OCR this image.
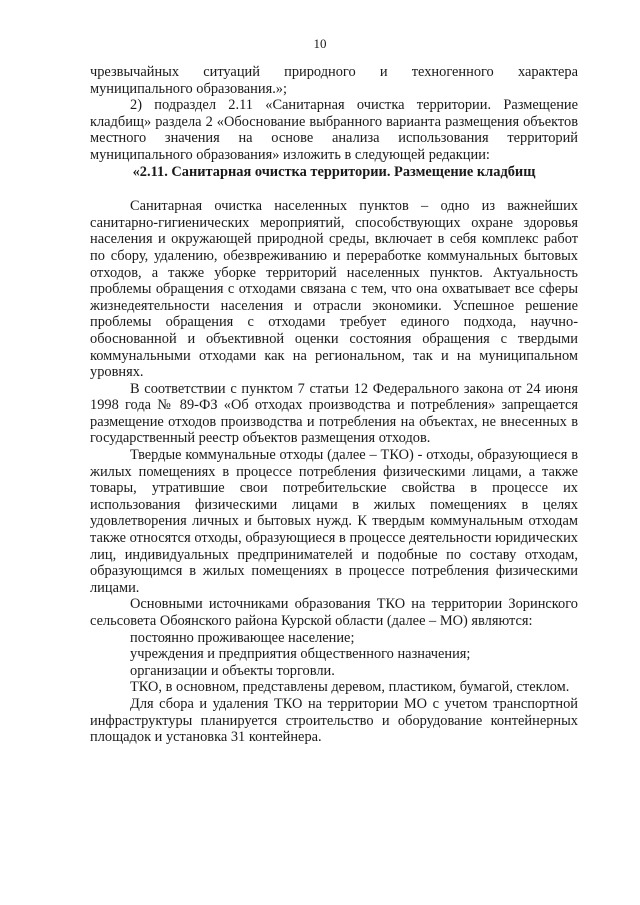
10

чрезвычайных ситуаций природного и техногенного характера муниципального образования.»;

2) подраздел 2.11 «Санитарная очистка территории. Размещение кладбищ» раздела 2 «Обоснование выбранного варианта размещения объектов местного значения на основе анализа использования территорий муниципального образования» изложить в следующей редакции:

«2.11. Санитарная очистка территории. Размещение кладбищ

Санитарная очистка населенных пунктов – одно из важнейших санитарно-гигиенических мероприятий, способствующих охране здоровья населения и окружающей природной среды, включает в себя комплекс работ по сбору, удалению, обезвреживанию и переработке коммунальных бытовых отходов, а также уборке территорий населенных пунктов. Актуальность проблемы обращения с отходами связана с тем, что она охватывает все сферы жизнедеятельности населения и отрасли экономики. Успешное решение проблемы обращения с отходами требует единого подхода, научно-обоснованной и объективной оценки состояния обращения с твердыми коммунальными отходами как на региональном, так и на муниципальном уровнях.

В соответствии с пунктом 7 статьи 12 Федерального закона от 24 июня 1998 года № 89-ФЗ «Об отходах производства и потребления» запрещается размещение отходов производства и потребления на объектах, не внесенных в государственный реестр объектов размещения отходов.

Твердые коммунальные отходы (далее – ТКО) - отходы, образующиеся в жилых помещениях в процессе потребления физическими лицами, а также товары, утратившие свои потребительские свойства в процессе их использования физическими лицами в жилых помещениях в целях удовлетворения личных и бытовых нужд. К твердым коммунальным отходам также относятся отходы, образующиеся в процессе деятельности юридических лиц, индивидуальных предпринимателей и подобные по составу отходам, образующимся в жилых помещениях в процессе потребления физическими лицами.

Основными источниками образования ТКО на территории Зоринского сельсовета Обоянского района Курской области (далее – МО) являются:

постоянно проживающее население;

учреждения и предприятия общественного назначения;

организации и объекты торговли.

ТКО, в основном, представлены деревом, пластиком, бумагой, стеклом.

Для сбора и удаления ТКО на территории МО с учетом транспортной инфраструктуры планируется строительство и оборудование контейнерных площадок и установка 31 контейнера.
